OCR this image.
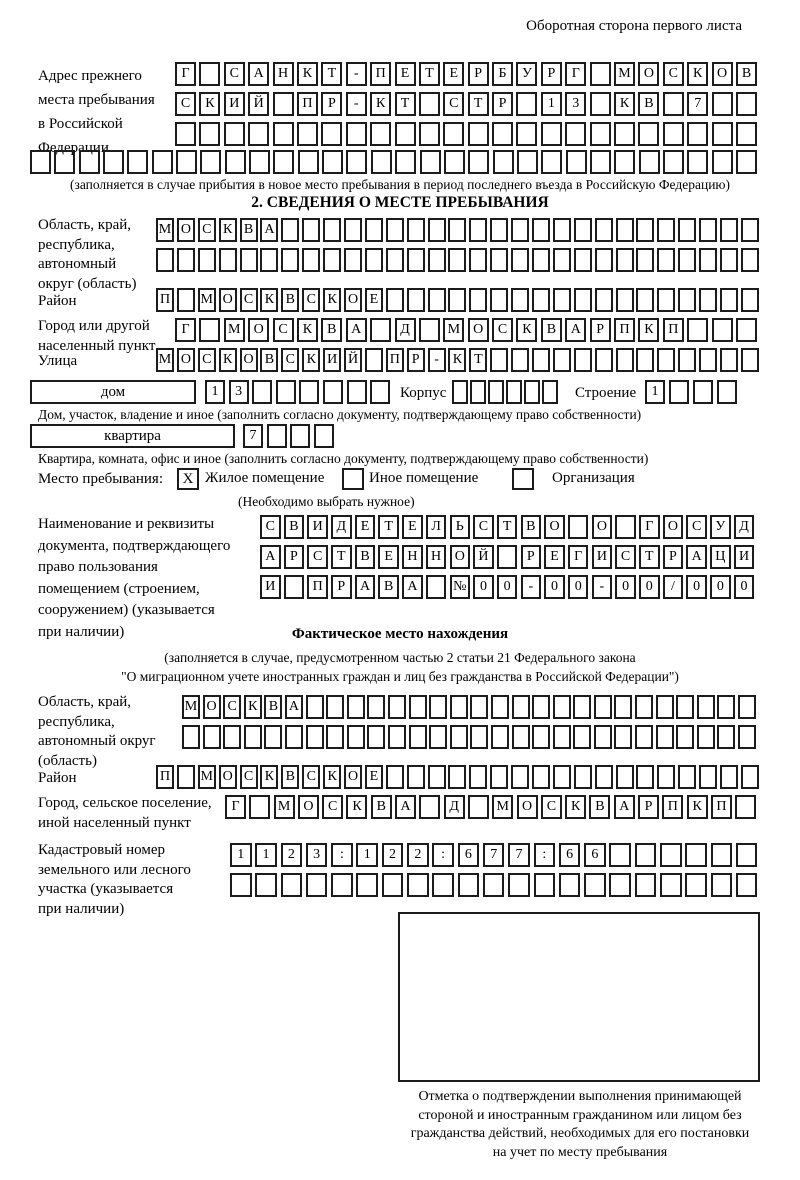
Оборотная сторона первого листа
Адрес прежнего
места пребывания
в Российской
Федерации
Г	С	А	Н	К	Т	-	П	Е	Т	Е	Р	Б	У	Р	Г	М О	С	К	О	В
С	К	И	Й	П	Р	-	К	Т	С	Т	Р	1	3	К	В	7
(заполняется в случае прибытия в новое место пребывания в период последнего въезда в Российскую Федерацию)
2. СВЕДЕНИЯ О МЕСТЕ ПРЕБЫВАНИЯ
Область, край,
республика,
автономный
округ (область)
М О С К В А
Район	П М О С К В С К О Е
Город или другой
населенный пункт
Г	М О	С	К	В	А	Д	М О	С	К	В	А	Р	П	К	П
Улица	М О С К О В С К И Й П Р	- К Т
дом	1	3	Корпус	Строение	1
Дом, участок, владение и иное (заполнить согласно документу, подтверждающему право собственности)
квартира	7
Квартира, комната, офис и иное (заполнить согласно документу, подтверждающему право собственности)
Место пребывания:	X Жилое помещение	Иное помещение	Организация
(Необходимо выбрать нужное)
Наименование и реквизиты
документа, подтверждающего
право пользования
помещением (строением,
сооружением) (указывается
при наличии)
С	В И Д	Е	Т	Е	Л	Ь	С	Т	В О	О	Г	О С	У Д
А	Р	С	Т	В	Е	Н Н О Й	Р	Е	Г	И С	Т	Р	А Ц И
И	П	Р	А В А	№ 0	0	-	0	0	-	0	0	/	0	0	0
Фактическое место нахождения
(заполняется в случае, предусмотренном частью 2 статьи 21 Федерального закона
"О миграционном учете иностранных граждан и лиц без гражданства в Российской Федерации")
Область, край,
республика,
автономный округ
(область)
М О С К В А
Район	П М О С К В С К О Е
Город, сельское поселение,
иной населенный пункт
Г	М О	С	К	В	А	Д	М О	С	К	В	А	Р	П	К	П
Кадастровый номер
земельного или лесного
участка (указывается
при наличии)
1	1	2	3	:	1	2	2	:	6	7	7	:	6	6
Отметка о подтверждении выполнения принимающей
стороной и иностранным гражданином или лицом без
гражданства действий, необходимых для его постановки
на учет по месту пребывания
